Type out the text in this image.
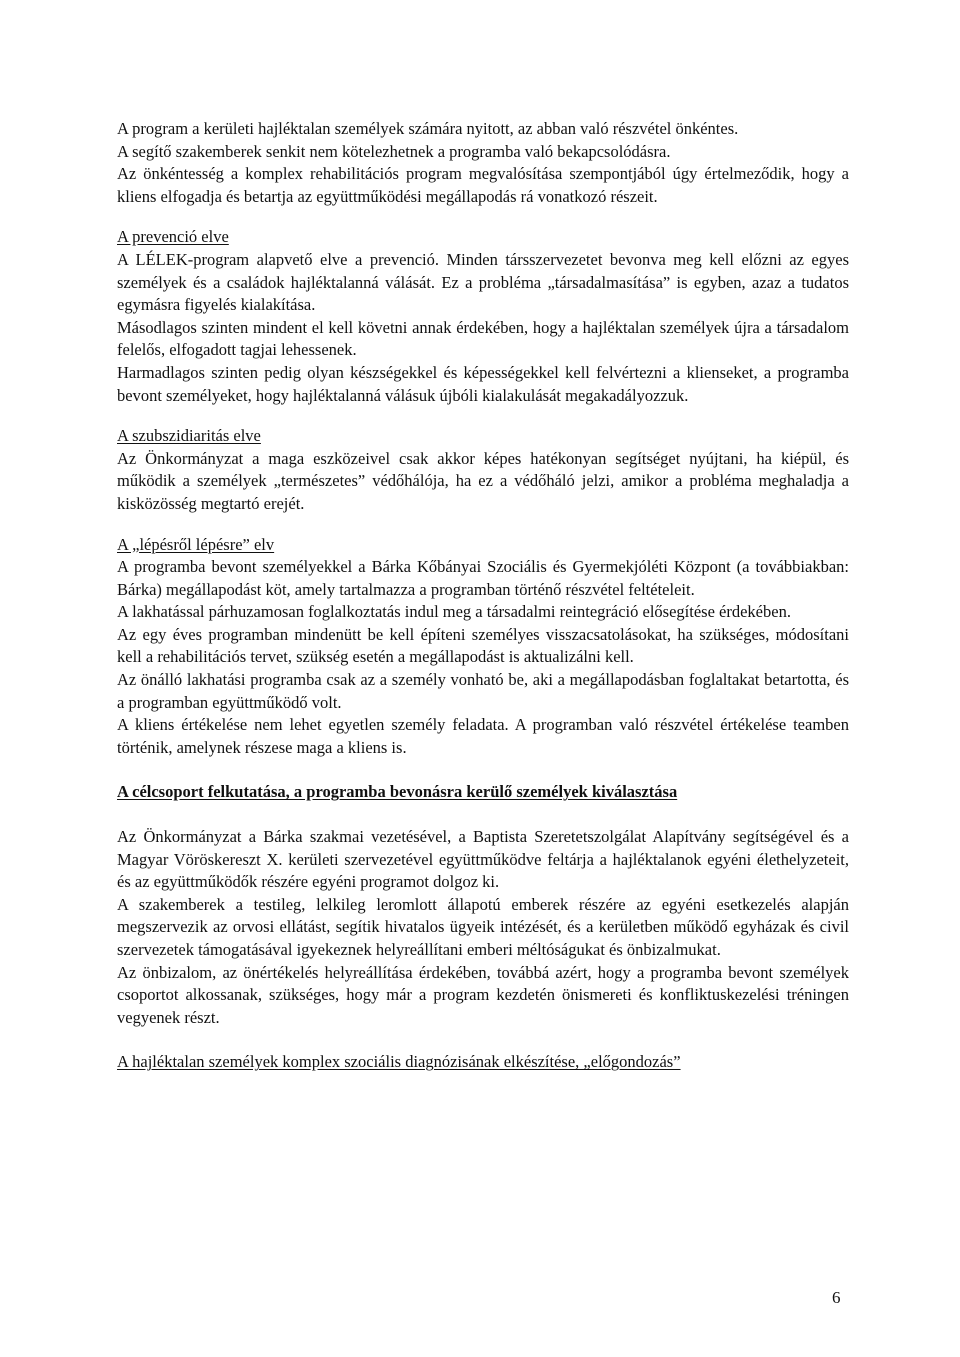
A program a kerületi hajléktalan személyek számára nyitott, az abban való részvétel önkéntes.

A segítő szakemberek senkit nem kötelezhetnek a programba való bekapcsolódásra.

Az önkéntesség a komplex rehabilitációs program megvalósítása szempontjából úgy értelmeződik, hogy a kliens elfogadja és betartja az együttműködési megállapodás rá vonatkozó részeit.

A prevenció elve

A LÉLEK-program alapvető elve a prevenció. Minden társszervezetet bevonva meg kell előzni az egyes személyek és a családok hajléktalanná válását. Ez a probléma „társadalmasítása” is egyben, azaz a tudatos egymásra figyelés kialakítása.

Másodlagos szinten mindent el kell követni annak érdekében, hogy a hajléktalan személyek újra a társadalom felelős, elfogadott tagjai lehessenek.

Harmadlagos szinten pedig olyan készségekkel és képességekkel kell felvértezni a klienseket, a programba bevont személyeket, hogy hajléktalanná válásuk újbóli kialakulását megakadályozzuk.

A szubszidiaritás elve

Az Önkormányzat a maga eszközeivel csak akkor képes hatékonyan segítséget nyújtani, ha kiépül, és működik a személyek „természetes” védőhálója, ha ez a védőháló jelzi, amikor a probléma meghaladja a kisközösség megtartó erejét.

A „lépésről lépésre” elv

A programba bevont személyekkel a Bárka Kőbányai Szociális és Gyermekjóléti Központ (a továbbiakban: Bárka) megállapodást köt, amely tartalmazza a programban történő részvétel feltételeit.

A lakhatással párhuzamosan foglalkoztatás indul meg a társadalmi reintegráció elősegítése érdekében.

Az egy éves programban mindenütt be kell építeni személyes visszacsatolásokat, ha szükséges, módosítani kell a rehabilitációs tervet, szükség esetén a megállapodást is aktualizálni kell.

Az önálló lakhatási programba csak az a személy vonható be, aki a megállapodásban foglaltakat betartotta, és a programban együttműködő volt.

A kliens értékelése nem lehet egyetlen személy feladata. A programban való részvétel értékelése teamben történik, amelynek részese maga a kliens is.

A célcsoport felkutatása, a programba bevonásra kerülő személyek kiválasztása

Az Önkormányzat a Bárka szakmai vezetésével, a Baptista Szeretetszolgálat Alapítvány segítségével és a Magyar Vöröskereszt X. kerületi szervezetével együttműködve feltárja a hajléktalanok egyéni élethelyzeteit, és az együttműködők részére egyéni programot dolgoz ki.

A szakemberek a testileg, lelkileg leromlott állapotú emberek részére az egyéni esetkezelés alapján megszervezik az orvosi ellátást, segítik hivatalos ügyeik intézését, és a kerületben működő egyházak és civil szervezetek támogatásával igyekeznek helyreállítani emberi méltóságukat és önbizalmukat.

Az önbizalom, az önértékelés helyreállítása érdekében, továbbá azért, hogy a programba bevont személyek csoportot alkossanak, szükséges, hogy már a program kezdetén önismereti és konfliktuskezelési tréningen vegyenek részt.

A hajléktalan személyek komplex szociális diagnózisának elkészítése, „előgondozás”

6
